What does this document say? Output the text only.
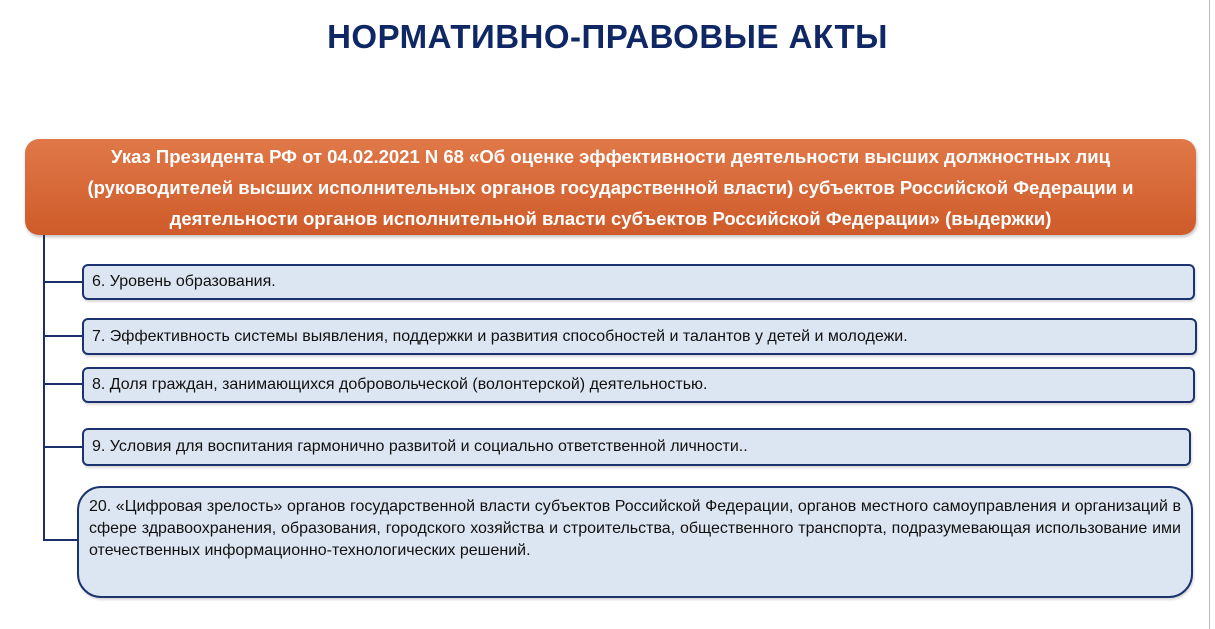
НОРМАТИВНО-ПРАВОВЫЕ АКТЫ
Указ Президента РФ от 04.02.2021 N 68 «Об оценке эффективности деятельности высших должностных лиц (руководителей высших исполнительных органов государственной власти) субъектов Российской Федерации и деятельности органов исполнительной власти субъектов Российской Федерации» (выдержки)
6. Уровень образования.
7. Эффективность системы выявления, поддержки и развития способностей и талантов у детей и молодежи.
8. Доля граждан, занимающихся добровольческой (волонтерской) деятельностью.
9. Условия для воспитания гармонично развитой и социально ответственной личности..
20. «Цифровая зрелость» органов государственной власти субъектов Российской Федерации, органов местного самоуправления и организаций в сфере здравоохранения, образования, городского хозяйства и строительства, общественного транспорта, подразумевающая использование ими отечественных информационно-технологических решений.
